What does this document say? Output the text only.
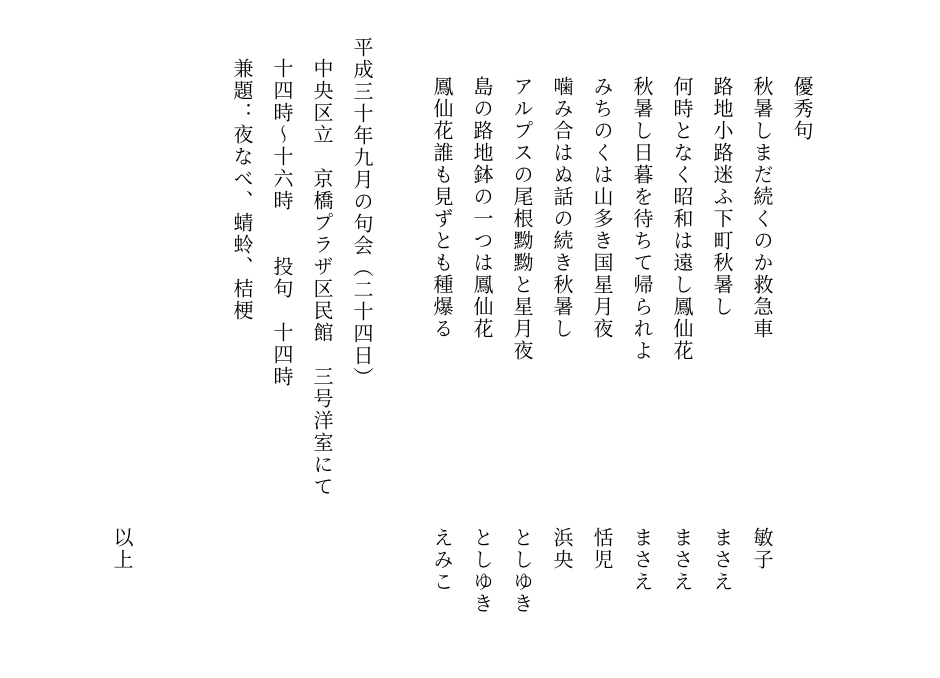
優秀句
秋暑しまだ続くのか救急車
路地小路迷ふ下町秋暑し
何時となく昭和は遠し鳳仙花
秋暑し日暮を待ちて帰られよ
みちのくは山多き国星月夜
噛み合はぬ話の続き秋暑し
アルプスの尾根黝黝と星月夜
島の路地鉢の一つは鳳仙花
鳳仙花誰も見ずとも種爆る
敏子
まさえ
まさえ
まさえ
恬児
浜央
としゆき
としゆき
えみこ
平成三十年九月の句会（二十四日）
中央区立　京橋プラザ区民館　三号洋室にて
十四時〜十六時　　投句　十四時
兼題：夜なべ、蜻蛉、桔梗
以上
